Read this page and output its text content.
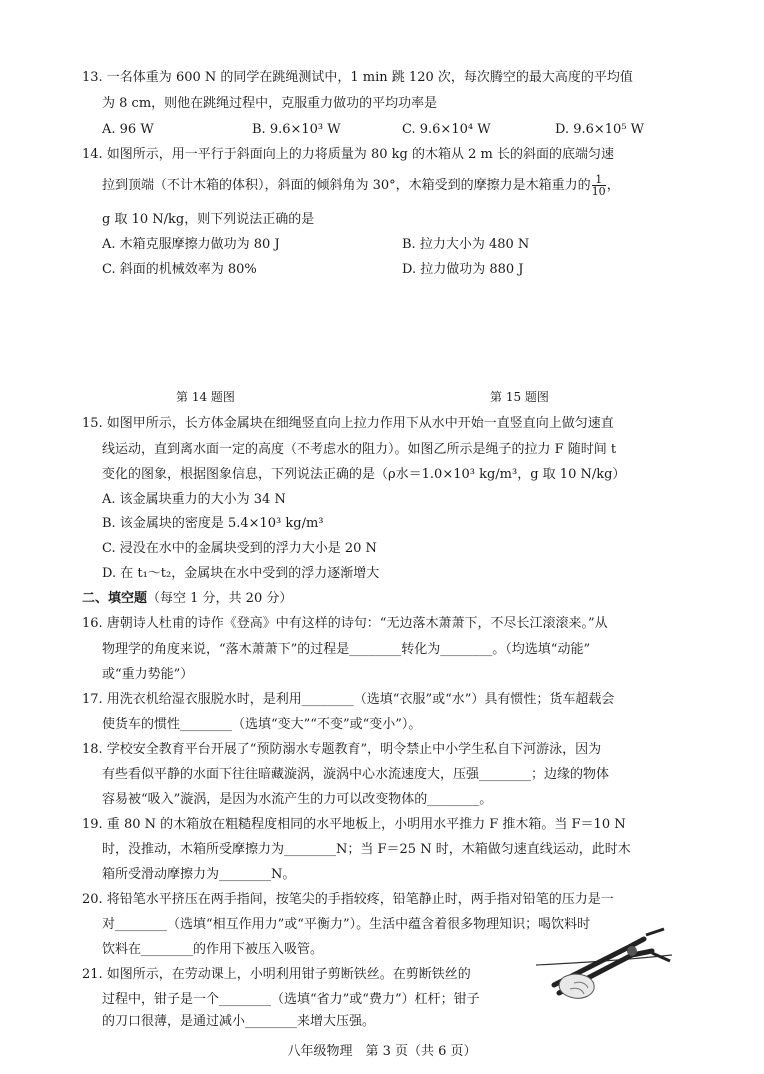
13. 一名体重为 600 N 的同学在跳绳测试中，1 min 跳 120 次，每次腾空的最大高度的平均值
为 8 cm，则他在跳绳过程中，克服重力做功的平均功率是
A. 96 W	B. 9.6×10³ W	C. 9.6×10⁴ W	D. 9.6×10⁵ W
14. 如图所示，用一平行于斜面向上的力将质量为 80 kg 的木箱从 2 m 长的斜面的底端匀速
拉到顶端（不计木箱的体积），斜面的倾斜角为 30°，木箱受到的摩擦力是木箱重力的 $\frac{1}{10}$ ，
g 取 10 N/kg，则下列说法正确的是
A. 木箱克服摩擦力做功为 80 J	B. 拉力大小为 480 N
C. 斜面的机械效率为 80%	D. 拉力做功为 880 J
第 14 题图	第 15 题图
15. 如图甲所示，长方体金属块在细绳竖直向上拉力作用下从水中开始一直竖直向上做匀速直
线运动，直到离水面一定的高度（不考虑水的阻力）。如图乙所示是绳子的拉力 F 随时间 t
变化的图象，根据图象信息，下列说法正确的是（ρ水＝1.0×10³ kg/m³，g 取 10 N/kg）
A. 该金属块重力的大小为 34 N
B. 该金属块的密度是 5.4×10³ kg/m³
C. 浸没在水中的金属块受到的浮力大小是 20 N
D. 在 t₁～t₂，金属块在水中受到的浮力逐渐增大
二、填空题（每空 1 分，共 20 分）
16. 唐朝诗人杜甫的诗作《登高》中有这样的诗句：“无边落木萧萧下，不尽长江滚滚来。”从
物理学的角度来说，“落木萧萧下”的过程是________转化为________。（均选填“动能”
或“重力势能”）
17. 用洗衣机给湿衣服脱水时，是利用________（选填“衣服”或“水”）具有惯性；货车超载会
使货车的惯性________（选填“变大”“不变”或“变小”）。
18. 学校安全教育平台开展了“预防溺水专题教育”，明令禁止中小学生私自下河游泳，因为
有些看似平静的水面下往往暗藏漩涡，漩涡中心水流速度大，压强________；边缘的物体
容易被“吸入”漩涡，是因为水流产生的力可以改变物体的________。
19. 重 80 N 的木箱放在粗糙程度相同的水平地板上，小明用水平推力 F 推木箱。当 F＝10 N
时，没推动，木箱所受摩擦力为________N；当 F＝25 N 时，木箱做匀速直线运动，此时木
箱所受滑动摩擦力为________N。
20. 将铅笔水平挤压在两手指间，按笔尖的手指较疼，铅笔静止时，两手指对铅笔的压力是一
对________（选填“相互作用力”或“平衡力”）。生活中蕴含着很多物理知识；喝饮料时
饮料在________的作用下被压入吸管。
21. 如图所示，在劳动课上，小明利用钳子剪断铁丝。在剪断铁丝的
过程中，钳子是一个________（选填“省力”或“费力”）杠杆；钳子
八年级物理　第 3 页（共 6 页）
的刀口很薄，是通过减小________来增大压强。
